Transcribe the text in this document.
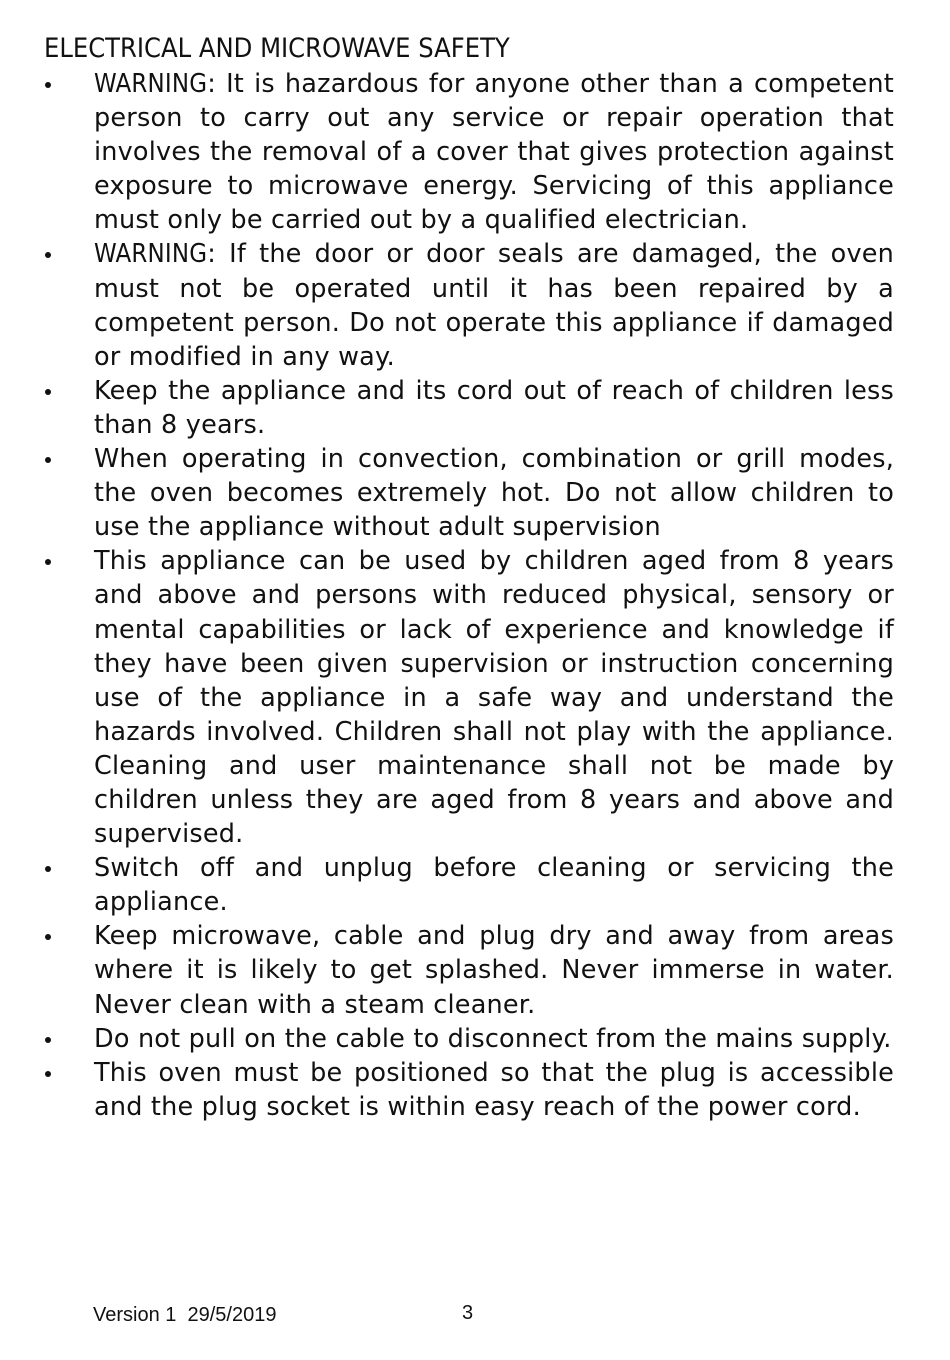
ELECTRICAL AND MICROWAVE SAFETY
WARNING: It is hazardous for anyone other than a competent person to carry out any service or repair operation that involves the removal of a cover that gives protection against exposure to microwave energy. Servicing of this appliance must only be carried out by a qualified electrician.
WARNING: If the door or door seals are damaged, the oven must not be operated until it has been repaired by a competent person. Do not operate this appliance if damaged or modified in any way.
Keep the appliance and its cord out of reach of children less than 8 years.
When operating in convection, combination or grill modes, the oven becomes extremely hot. Do not allow children to use the appliance without adult supervision
This appliance can be used by children aged from 8 years and above and persons with reduced physical, sensory or mental capabilities or lack of experience and knowledge if they have been given supervision or instruction concerning use of the appliance in a safe way and understand the hazards involved. Children shall not play with the appliance. Cleaning and user maintenance shall not be made by children unless they are aged from 8 years and above and supervised.
Switch off and unplug before cleaning or servicing the appliance.
Keep microwave, cable and plug dry and away from areas where it is likely to get splashed. Never immerse in water. Never clean with a steam cleaner.
Do not pull on the cable to disconnect from the mains supply.
This oven must be positioned so that the plug is accessible and the plug socket is within easy reach of the power cord.
Version 1  29/5/2019	3
